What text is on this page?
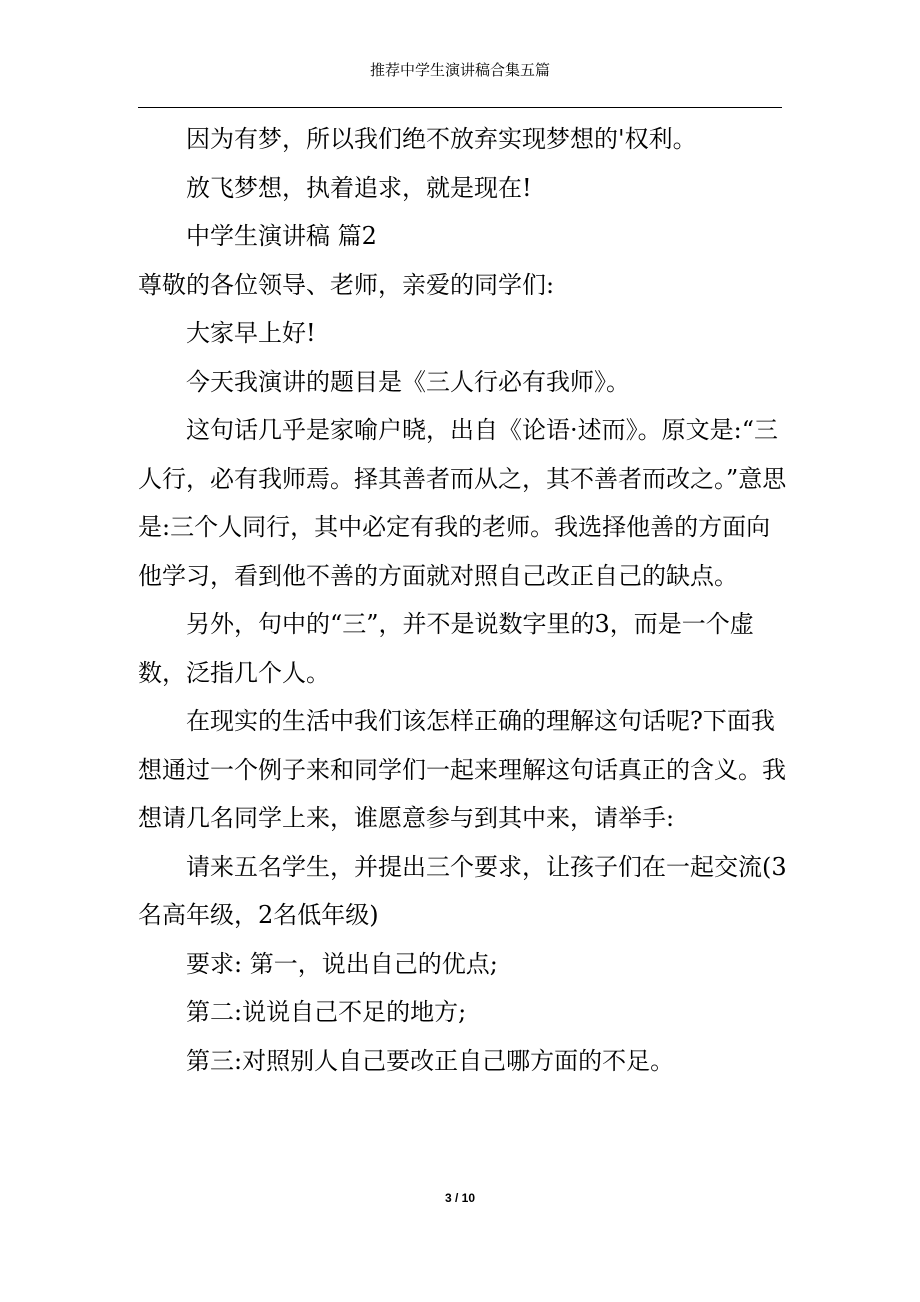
推荐中学生演讲稿合集五篇

因为有梦，所以我们绝不放弃实现梦想的'权利。

放飞梦想，执着追求，就是现在!

中学生演讲稿 篇2

尊敬的各位领导、老师，亲爱的同学们:

大家早上好!

今天我演讲的题目是《三人行必有我师》。

这句话几乎是家喻户晓，出自《论语·述而》。原文是:“三人行，必有我师焉。择其善者而从之，其不善者而改之。”意思是:三个人同行，其中必定有我的老师。我选择他善的方面向他学习，看到他不善的方面就对照自己改正自己的缺点。

另外，句中的“三”，并不是说数字里的3，而是一个虚数，泛指几个人。

在现实的生活中我们该怎样正确的理解这句话呢?下面我想通过一个例子来和同学们一起来理解这句话真正的含义。我想请几名同学上来，谁愿意参与到其中来，请举手:

请来五名学生，并提出三个要求，让孩子们在一起交流(3名高年级，2名低年级)

要求: 第一，说出自己的优点;

第二:说说自己不足的地方;

第三:对照别人自己要改正自己哪方面的不足。

3 / 10
